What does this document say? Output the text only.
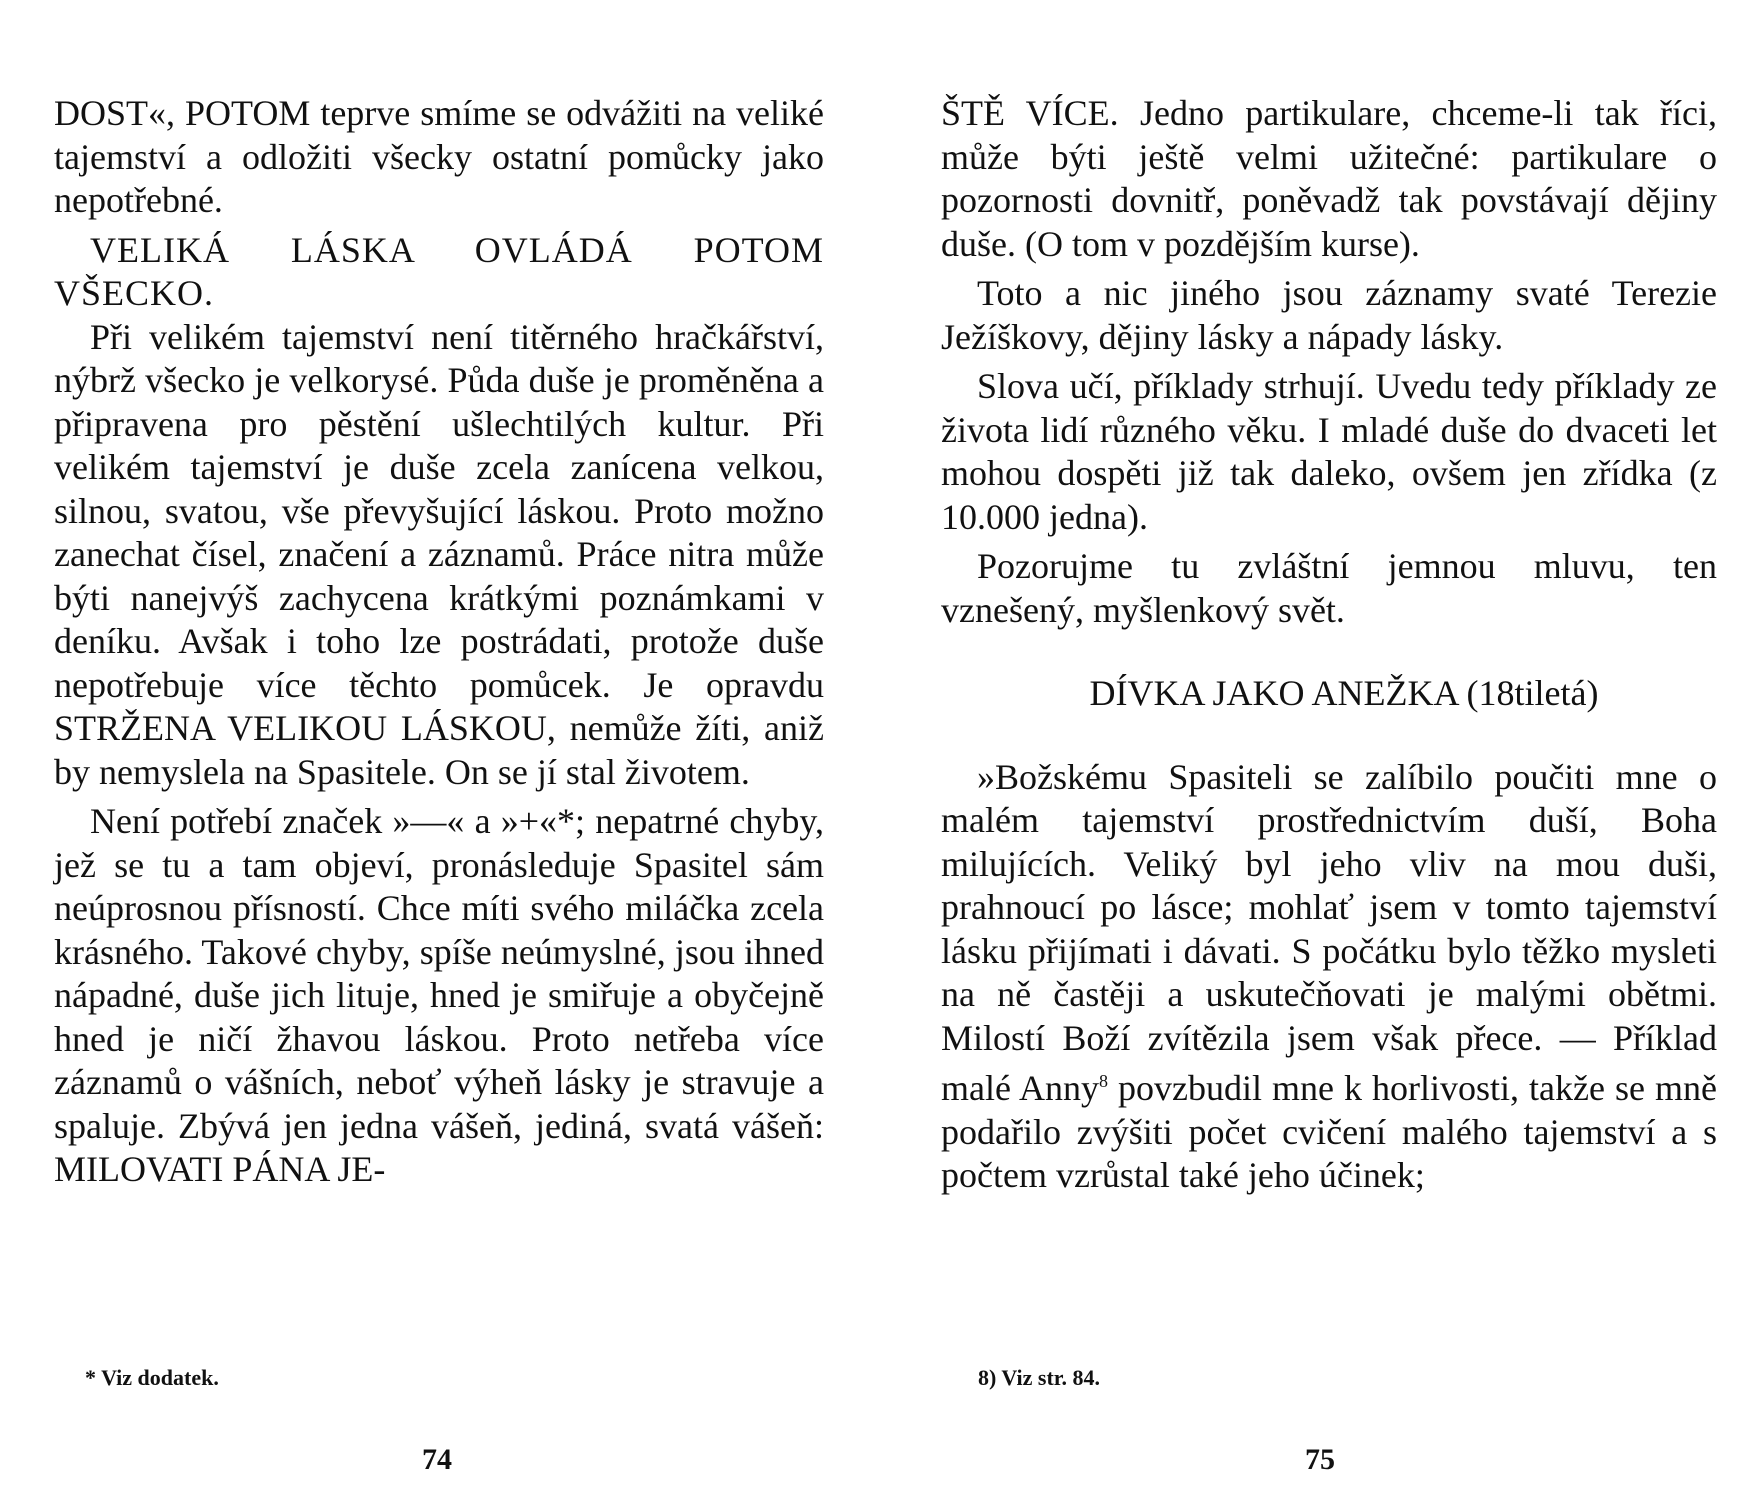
DOST«, POTOM teprve smíme se odvážiti na veliké tajemství a odložiti všecky ostatní pomůcky jako nepotřebné.

VELIKÁ LÁSKA OVLÁDÁ POTOM VŠECKO.

Při velikém tajemství není titěrného hračkářství, nýbrž všecko je velkorysé. Půda duše je proměněna a připravena pro pěstění ušlechtilých kultur. Při velikém tajemství je duše zcela zanícena velkou, silnou, svatou, vše převyšující láskou. Proto možno zanechat čísel, značení a záznamů. Práce nitra může býti nanejvýš zachycena krátkými poznámkami v deníku. Avšak i toho lze postrádati, protože duše nepotřebuje více těchto pomůcek. Je opravdu STRŽENA VELIKOU LÁSKOU, nemůže žíti, aniž by nemyslela na Spasitele. On se jí stal životem.

Není potřebí značek »—« a »+«*; nepatrné chyby, jež se tu a tam objeví, pronásleduje Spasitel sám neúprosnou přísností. Chce míti svého miláčka zcela krásného. Takové chyby, spíše neúmyslné, jsou ihned nápadné, duše jich lituje, hned je smiřuje a obyčejně hned je ničí žhavou láskou. Proto netřeba více záznamů o vášních, neboť výheň lásky je stravuje a spaluje. Zbývá jen jedna vášeň, jediná, svatá vášeň: MILOVATI PÁNA JE-

* Viz dodatek.

74

ŠTĚ VÍCE. Jedno partikulare, chceme-li tak říci, může býti ještě velmi užitečné: partikulare o pozornosti dovnitř, poněvadž tak povstávají dějiny duše. (O tom v pozdějším kurse).

Toto a nic jiného jsou záznamy svaté Terezie Ježíškovy, dějiny lásky a nápady lásky.

Slova učí, příklady strhují. Uvedu tedy příklady ze života lidí různého věku. I mladé duše do dvaceti let mohou dospěti již tak daleko, ovšem jen zřídka (z 10.000 jedna).

Pozorujme tu zvláštní jemnou mluvu, ten vznešený, myšlenkový svět.

DÍVKA JAKO ANEŽKA (18tiletá)

»Božskému Spasiteli se zalíbilo poučiti mne o malém tajemství prostřednictvím duší, Boha milujících. Veliký byl jeho vliv na mou duši, prahnoucí po lásce; mohlať jsem v tomto tajemství lásku přijímati i dávati. S počátku bylo těžko mysleti na ně častěji a uskutečňovati je malými obětmi. Milostí Boží zvítězila jsem však přece. — Příklad malé Anny$^8$ povzbudil mne k horlivosti, takže se mně podařilo zvýšiti počet cvičení malého tajemství a s počtem vzrůstal také jeho účinek;

8) Viz str. 84.

75
